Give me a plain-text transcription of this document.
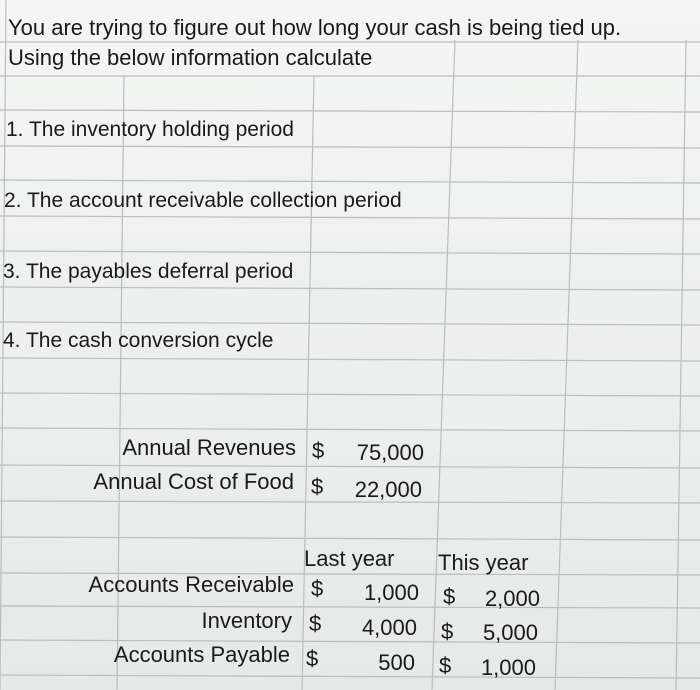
You are trying to figure out how long your cash is being tied up.
Using the below information calculate
1. The inventory holding period
2. The account receivable collection period
3. The payables deferral period
4. The cash conversion cycle
Annual Revenues $ 75,000
Annual Cost of Food $ 22,000
Last year This year
Accounts Receivable $ 1,000 $ 2,000
Inventory $ 4,000 $ 5,000
Accounts Payable $	500 $ 1,000
